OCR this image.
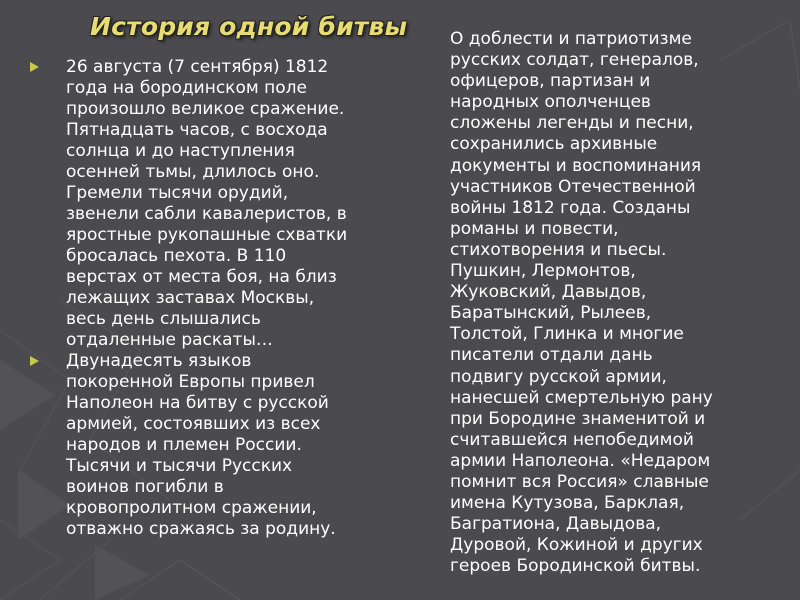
История одной битвы
26 августа (7 сентября) 1812
года на бородинском поле
произошло великое сражение.
Пятнадцать часов, с восхода
солнца и до наступления
осенней тьмы, длилось оно.
Гремели тысячи орудий,
звенели сабли кавалеристов, в
яростные рукопашные схватки
бросалась пехота. В 110
верстах от места боя, на близ
лежащих заставах Москвы,
весь день слышались
отдаленные раскаты…
Двунадесять языков
покоренной Европы привел
Наполеон на битву с русской
армией, состоявших из всех
народов и племен России.
Тысячи и тысячи Русских
воинов погибли в
кровопролитном сражении,
отважно сражаясь за родину.
О доблести и патриотизме
русских солдат, генералов,
офицеров, партизан и
народных ополченцев
сложены легенды и песни,
сохранились архивные
документы и воспоминания
участников Отечественной
войны 1812 года. Созданы
романы и повести,
стихотворения и пьесы.
Пушкин, Лермонтов,
Жуковский, Давыдов,
Баратынский, Рылеев,
Толстой, Глинка и многие
писатели отдали дань
подвигу русской армии,
нанесшей смертельную рану
при Бородине знаменитой и
считавшейся непобедимой
армии Наполеона. «Недаром
помнит вся Россия» славные
имена Кутузова, Барклая,
Багратиона, Давыдова,
Дуровой, Кожиной и других
героев Бородинской битвы.
